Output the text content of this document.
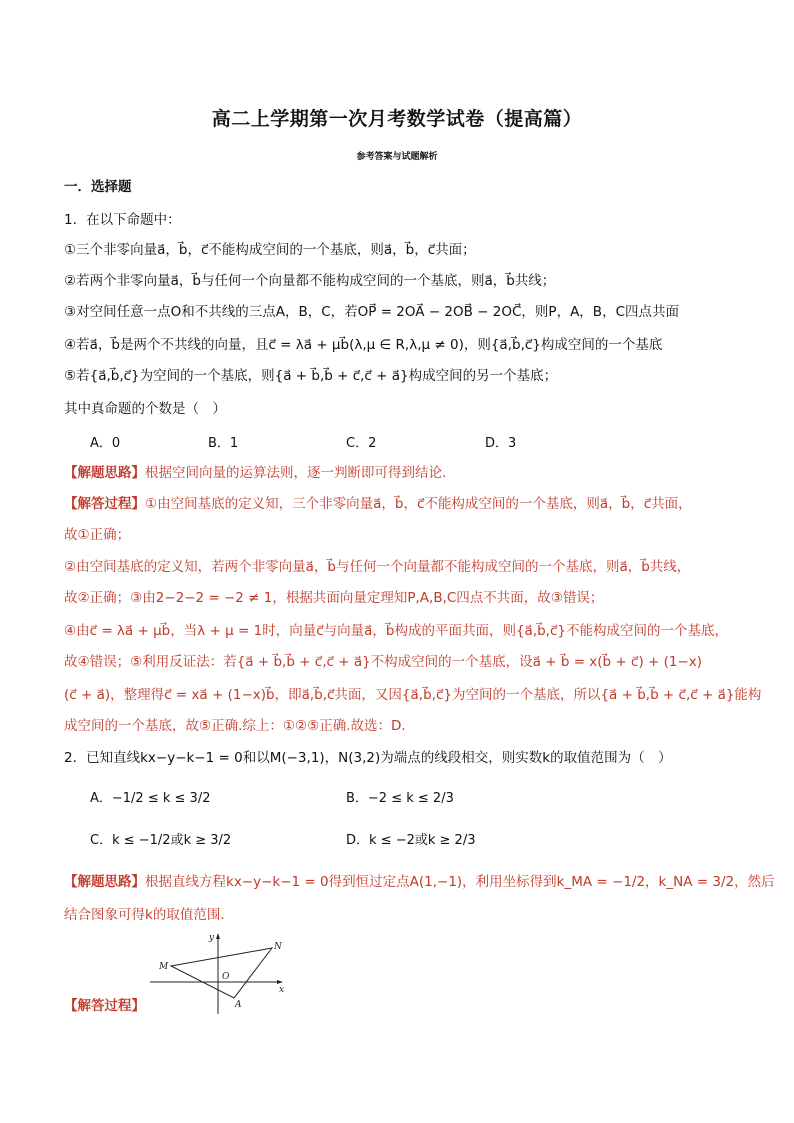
高二上学期第一次月考数学试卷（提高篇）
参考答案与试题解析
一．选择题
1．在以下命题中：
①三个非零向量a⃗，b⃗，c⃗不能构成空间的一个基底，则a⃗，b⃗，c⃗共面；
②若两个非零向量a⃗，b⃗与任何一个向量都不能构成空间的一个基底，则a⃗，b⃗共线；
③对空间任意一点O和不共线的三点A，B，C，若OP⃗ = 2OA⃗ − 2OB⃗ − 2OC⃗，则P，A，B，C四点共面
④若a⃗，b⃗是两个不共线的向量，且c⃗ = λa⃗ + μb⃗(λ,μ ∈ R,λ,μ ≠ 0)，则{a⃗,b⃗,c⃗}构成空间的一个基底
⑤若{a⃗,b⃗,c⃗}为空间的一个基底，则{a⃗ + b⃗,b⃗ + c⃗,c⃗ + a⃗}构成空间的另一个基底；
其中真命题的个数是（　）
A．0	B．1	C．2	D．3
【解题思路】根据空间向量的运算法则，逐一判断即可得到结论.
【解答过程】①由空间基底的定义知，三个非零向量a⃗，b⃗，c⃗不能构成空间的一个基底，则a⃗，b⃗，c⃗共面，
故①正确；
②由空间基底的定义知，若两个非零向量a⃗，b⃗与任何一个向量都不能构成空间的一个基底，则a⃗，b⃗共线，
故②正确；③由2−2−2 = −2 ≠ 1，根据共面向量定理知P,A,B,C四点不共面，故③错误；
④由c⃗ = λa⃗ + μb⃗，当λ + μ = 1时，向量c⃗与向量a⃗，b⃗构成的平面共面，则{a⃗,b⃗,c⃗}不能构成空间的一个基底，
故④错误；⑤利用反证法：若{a⃗ + b⃗,b⃗ + c⃗,c⃗ + a⃗}不构成空间的一个基底，设a⃗ + b⃗ = x(b⃗ + c⃗) + (1−x)
(c⃗ + a⃗)，整理得c⃗ = xa⃗ + (1−x)b⃗，即a⃗,b⃗,c⃗共面，又因{a⃗,b⃗,c⃗}为空间的一个基底，所以{a⃗ + b⃗,b⃗ + c⃗,c⃗ + a⃗}能构
成空间的一个基底，故⑤正确.综上：①②⑤正确.故选：D.
2．已知直线kx−y−k−1 = 0和以M(−3,1)，N(3,2)为端点的线段相交，则实数k的取值范围为（　）
A．−1/2 ≤ k ≤ 3/2	B．−2 ≤ k ≤ 2/3
C．k ≤ −1/2或k ≥ 3/2	D．k ≤ −2或k ≥ 2/3
【解题思路】根据直线方程kx−y−k−1 = 0得到恒过定点A(1,−1)，利用坐标得到k_MA = −1/2，k_NA = 3/2，然后
结合图象可得k的取值范围.
y
x
M
N
O
A
【解答过程】
